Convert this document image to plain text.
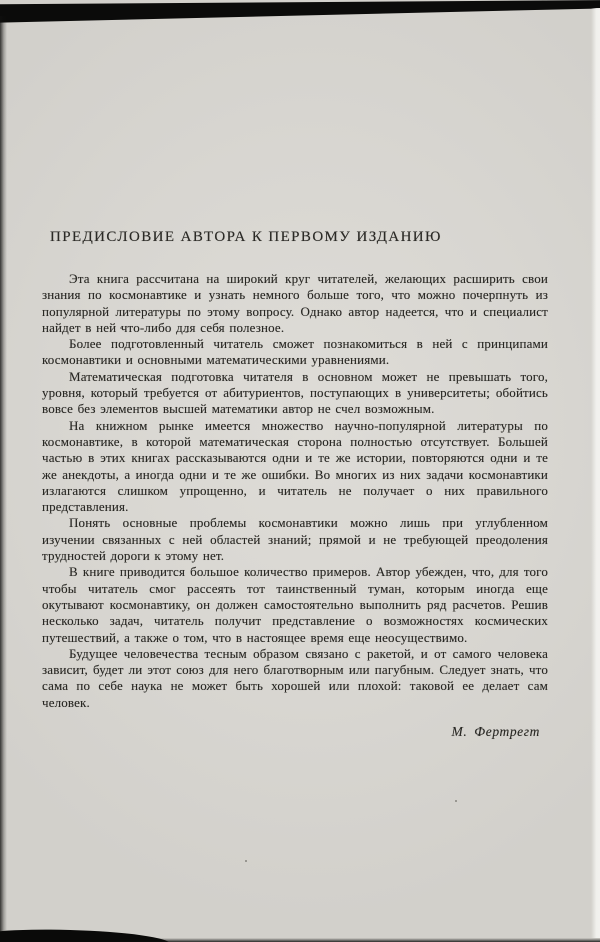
ПРЕДИСЛОВИЕ АВТОРА К ПЕРВОМУ ИЗДАНИЮ

Эта книга рассчитана на широкий круг читателей, желающих расширить свои знания по космонавтике и узнать немного больше того, что можно почерпнуть из популярной литературы по этому вопросу. Однако автор надеется, что и специалист найдет в ней что-либо для себя полезное.

Более подготовленный читатель сможет познакомиться в ней с принципами космонавтики и основными математическими уравнениями.

Математическая подготовка читателя в основном может не превышать того, уровня, который требуется от абитуриентов, поступающих в университеты; обойтись вовсе без элементов высшей математики автор не счел возможным.

На книжном рынке имеется множество научно-популярной литературы по космонавтике, в которой математическая сторона полностью отсутствует. Большей частью в этих книгах рассказываются одни и те же истории, повторяются одни и те же анекдоты, а иногда одни и те же ошибки. Во многих из них задачи космонавтики излагаются слишком упрощенно, и читатель не получает о них правильного представления.

Понять основные проблемы космонавтики можно лишь при углубленном изучении связанных с ней областей знаний; прямой и не требующей преодоления трудностей дороги к этому нет.

В книге приводится большое количество примеров. Автор убежден, что, для того чтобы читатель смог рассеять тот таинственный туман, которым иногда еще окутывают космонавтику, он должен самостоятельно выполнить ряд расчетов. Решив несколько задач, читатель получит представление о возможностях космических путешествий, а также о том, что в настоящее время еще неосуществимо.

Будущее человечества тесным образом связано с ракетой, и от самого человека зависит, будет ли этот союз для него благотворным или пагубным. Следует знать, что сама по себе наука не может быть хорошей или плохой: таковой ее делает сам человек.

М. Фертрегт
